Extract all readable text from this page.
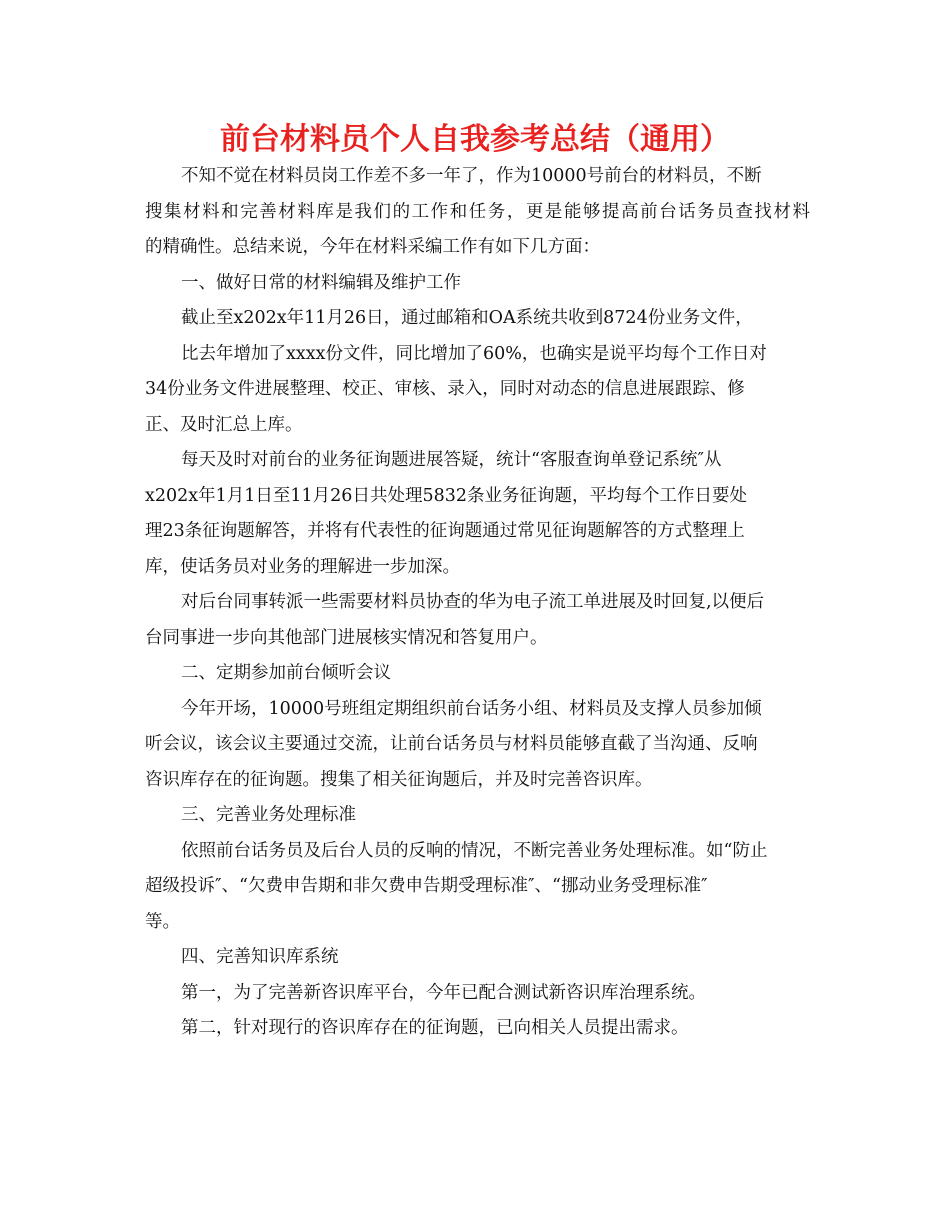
前台材料员个人自我参考总结（通用）
不知不觉在材料员岗工作差不多一年了，作为10000号前台的材料员，不断
搜集材料和完善材料库是我们的工作和任务，更是能够提高前台话务员查找材料
的精确性。总结来说，今年在材料采编工作有如下几方面：
一、做好日常的材料编辑及维护工作
截止至x202x年11月26日，通过邮箱和OA系统共收到8724份业务文件，
比去年增加了xxxx份文件，同比增加了60%，也确实是说平均每个工作日对
34份业务文件进展整理、校正、审核、录入，同时对动态的信息进展跟踪、修
正、及时汇总上库。
每天及时对前台的业务征询题进展答疑，统计“客服查询单登记系统″从
x202x年1月1日至11月26日共处理5832条业务征询题，平均每个工作日要处
理23条征询题解答，并将有代表性的征询题通过常见征询题解答的方式整理上
库，使话务员对业务的理解进一步加深。
对后台同事转派一些需要材料员协查的华为电子流工单进展及时回复,以便后
台同事进一步向其他部门进展核实情况和答复用户。
二、定期参加前台倾听会议
今年开场，10000号班组定期组织前台话务小组、材料员及支撑人员参加倾
听会议，该会议主要通过交流，让前台话务员与材料员能够直截了当沟通、反响
咨识库存在的征询题。搜集了相关征询题后，并及时完善咨识库。
三、完善业务处理标准
依照前台话务员及后台人员的反响的情况，不断完善业务处理标准。如“防止
超级投诉″、“欠费申告期和非欠费申告期受理标准″、“挪动业务受理标准″
等。
四、完善知识库系统
第一，为了完善新咨识库平台，今年已配合测试新咨识库治理系统。
第二，针对现行的咨识库存在的征询题，已向相关人员提出需求。
